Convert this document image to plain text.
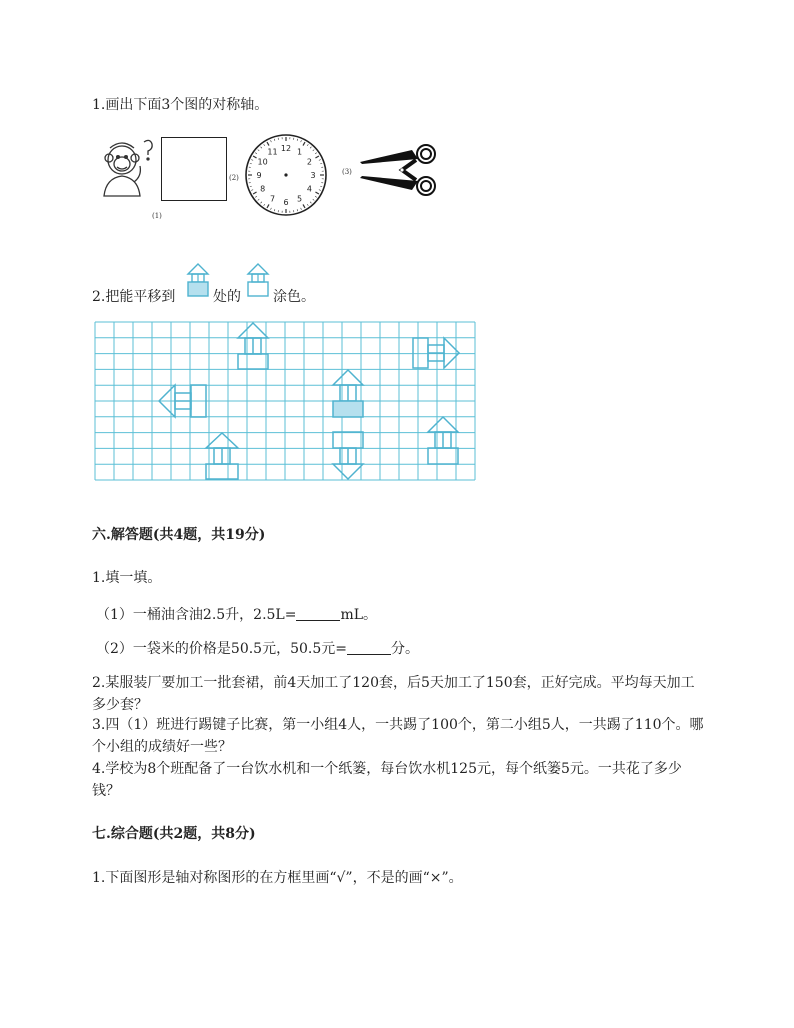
1.画出下面3个图的对称轴。
(1)
(2)
12 1
2
3
4
5
6
7
8
9
10
11
(3)
2.把能平移到	处的 涂色。
六.解答题(共4题，共19分)
1.填一填。
（1）一桶油含油2.5升，2.5L=	mL。
（2）一袋米的价格是50.5元，50.5元=	分。
2.某服装厂要加工一批套裙，前4天加工了120套，后5天加工了150套，正好完成。平均每天加工多少套？
3.四（1）班进行踢键子比赛，第一小组4人，一共踢了100个，第二小组5人，一共踢了110个。哪个小组的成绩好一些？
4.学校为8个班配备了一台饮水机和一个纸篓，每台饮水机125元，每个纸篓5元。一共花了多少钱？
七.综合题(共2题，共8分)
1.下面图形是轴对称图形的在方框里画“√”，不是的画“×”。
